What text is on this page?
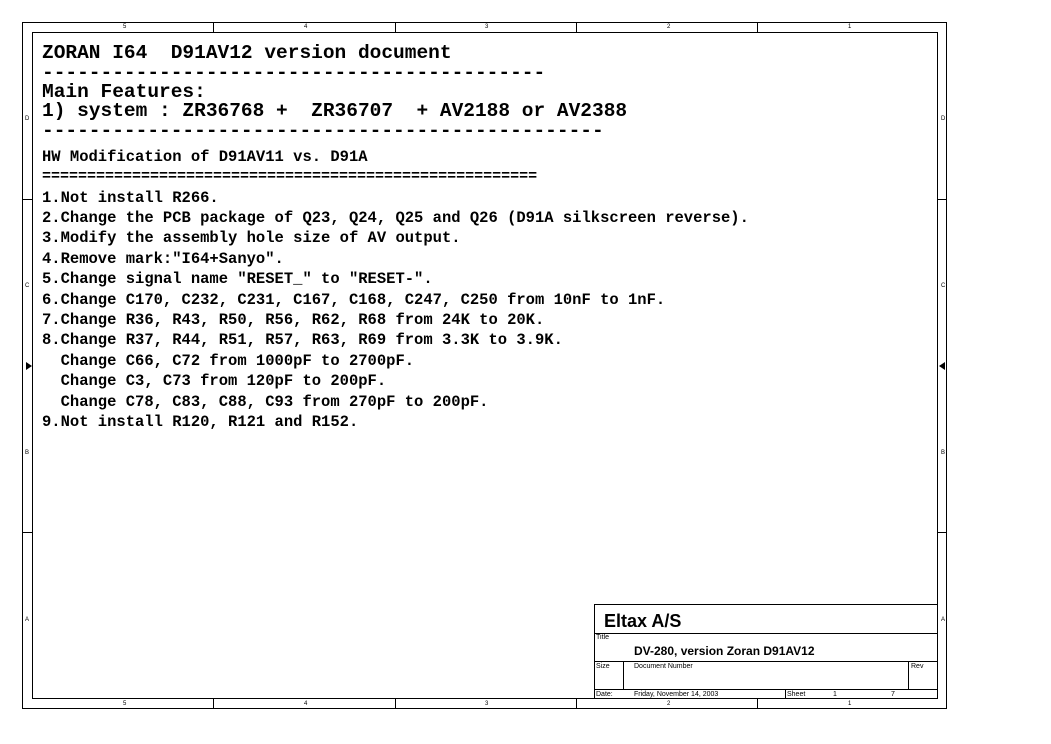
5	4	3	2	1
5	4	3	2	1
D
C
B
A
D
C
B
A
ZORAN I64  D91AV12 version document
-------------------------------------------
Main Features:
1) system : ZR36768 +  ZR36707  + AV2188 or AV2388
------------------------------------------------
HW Modification of D91AV11 vs. D91A
=======================================================
1.Not install R266.
2.Change the PCB package of Q23, Q24, Q25 and Q26 (D91A silkscreen reverse).
3.Modify the assembly hole size of AV output.
4.Remove mark:"I64+Sanyo".
5.Change signal name "RESET_" to "RESET-".
6.Change C170, C232, C231, C167, C168, C247, C250 from 10nF to 1nF.
7.Change R36, R43, R50, R56, R62, R68 from 24K to 20K.
8.Change R37, R44, R51, R57, R63, R69 from 3.3K to 3.9K.
Change C66, C72 from 1000pF to 2700pF.
Change C3, C73 from 120pF to 200pF.
Change C78, C83, C88, C93 from 270pF to 200pF.
9.Not install R120, R121 and R152.
Eltax A/S
Title
DV-280, version Zoran D91AV12
Size	Document Number	Rev
Date:	Friday, November 14, 2003	Sheet	1	7
